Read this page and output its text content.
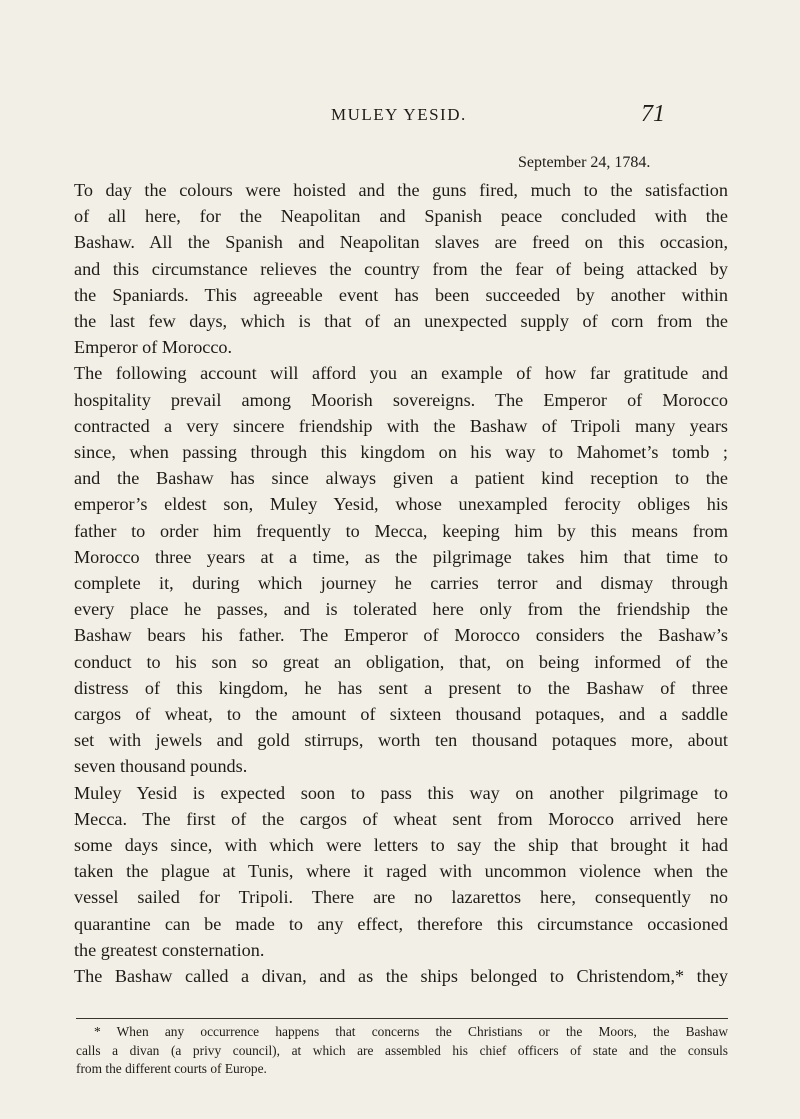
MULEY YESID.	71
September 24, 1784.

To day the colours were hoisted and the guns fired, much to the satisfaction
of all here, for the Neapolitan and Spanish peace concluded with the
Bashaw. All the Spanish and Neapolitan slaves are freed on this occasion,
and this circumstance relieves the country from the fear of being attacked by
the Spaniards. This agreeable event has been succeeded by another within
the last few days, which is that of an unexpected supply of corn from the
Emperor of Morocco.

The following account will afford you an example of how far gratitude and
hospitality prevail among Moorish sovereigns. The Emperor of Morocco
contracted a very sincere friendship with the Bashaw of Tripoli many years
since, when passing through this kingdom on his way to Mahomet’s tomb ;
and the Bashaw has since always given a patient kind reception to the
emperor’s eldest son, Muley Yesid, whose unexampled ferocity obliges his
father to order him frequently to Mecca, keeping him by this means from
Morocco three years at a time, as the pilgrimage takes him that time to
complete it, during which journey he carries terror and dismay through
every place he passes, and is tolerated here only from the friendship the
Bashaw bears his father. The Emperor of Morocco considers the Bashaw’s
conduct to his son so great an obligation, that, on being informed of the
distress of this kingdom, he has sent a present to the Bashaw of three
cargos of wheat, to the amount of sixteen thousand potaques, and a saddle
set with jewels and gold stirrups, worth ten thousand potaques more, about
seven thousand pounds.

Muley Yesid is expected soon to pass this way on another pilgrimage to
Mecca. The first of the cargos of wheat sent from Morocco arrived here
some days since, with which were letters to say the ship that brought it had
taken the plague at Tunis, where it raged with uncommon violence when the
vessel sailed for Tripoli. There are no lazarettos here, consequently no
quarantine can be made to any effect, therefore this circumstance occasioned
the greatest consternation.

The Bashaw called a divan, and as the ships belonged to Christendom,* they

* When any occurrence happens that concerns the Christians or the Moors, the Bashaw
calls a divan (a privy council), at which are assembled his chief officers of state and the consuls
from the different courts of Europe.
